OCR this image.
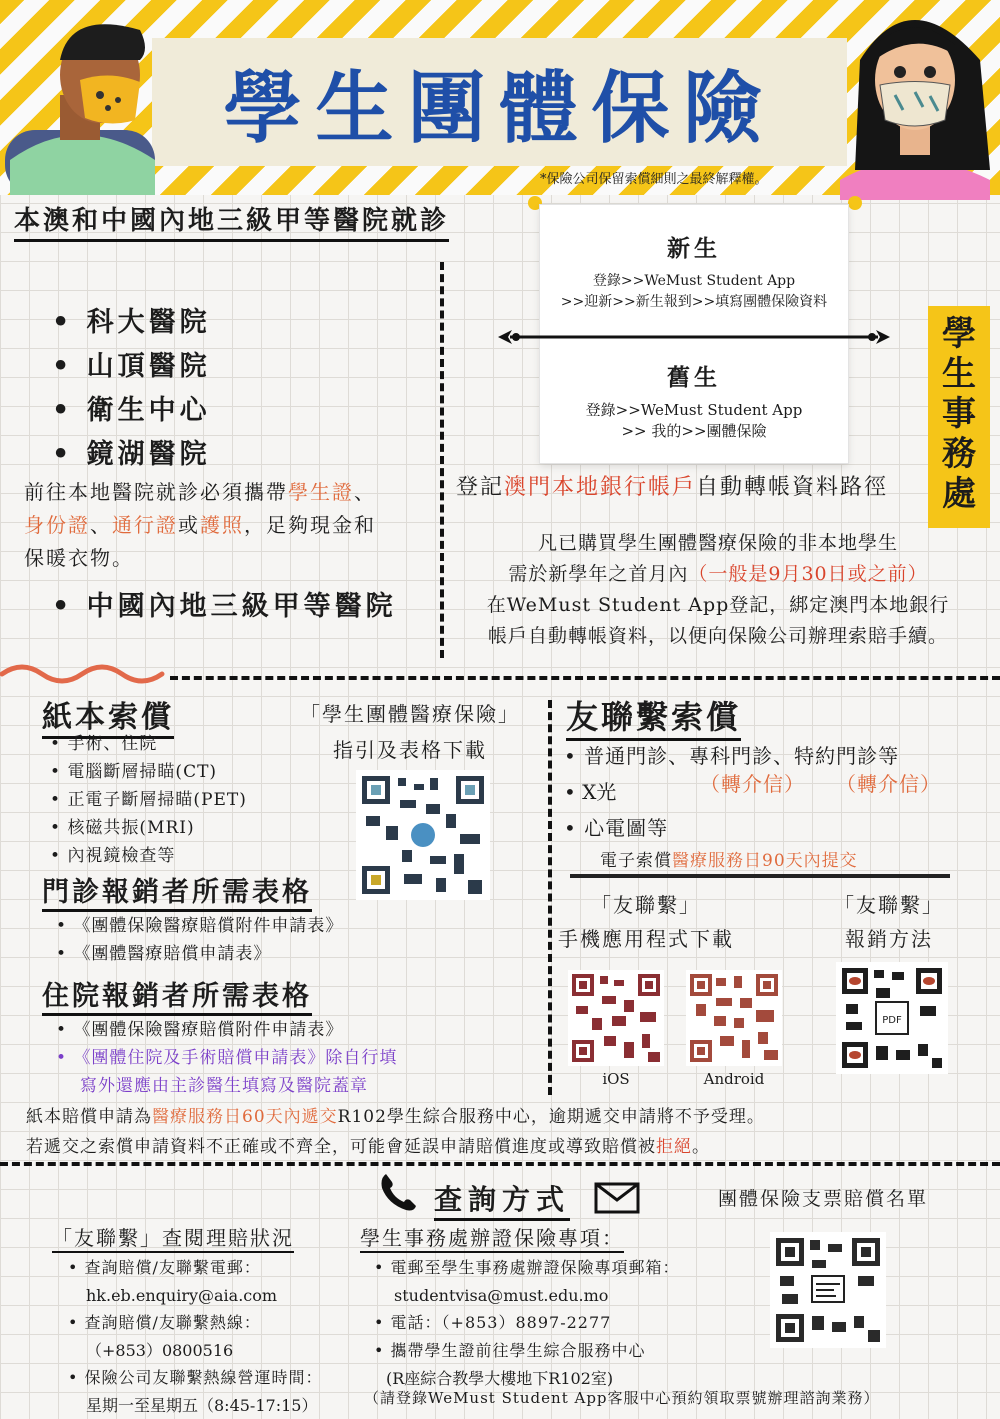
學生團體保險
*保險公司保留索償細則之最終解釋權。
本澳和中國內地三級甲等醫院就診
• 科大醫院
• 山頂醫院
• 衛生中心
• 鏡湖醫院
前往本地醫院就診必須攜帶學生證、
身份證、通行證或護照，足夠現金和
保暖衣物。
• 中國內地三級甲等醫院
新生
登錄>>WeMust Student App
>>迎新>>新生報到>>填寫團體保險資料
舊生
登錄>>WeMust Student App
>> 我的>>團體保險
學生事務處
登記澳門本地銀行帳戶自動轉帳資料路徑
凡已購買學生團體醫療保險的非本地學生
需於新學年之首月內（一般是9月30日或之前）
在WeMust Student App登記，綁定澳門本地銀行
帳戶自動轉帳資料，以便向保險公司辦理索賠手續。
紙本索償
• 手術、住院
• 電腦斷層掃瞄(CT)
• 正電子斷層掃瞄(PET)
• 核磁共振(MRI)
• 內視鏡檢查等
「學生團體醫療保險」
指引及表格下載
門診報銷者所需表格
• 《團體保險醫療賠償附件申請表》
• 《團體醫療賠償申請表》
住院報銷者所需表格
• 《團體保險醫療賠償附件申請表》
• 《團體住院及手術賠償申請表》除自行填
寫外還應由主診醫生填寫及醫院蓋章
紙本賠償申請為醫療服務日60天內遞交R102學生綜合服務中心，逾期遞交申請將不予受理。
若遞交之索償申請資料不正確或不齊全，可能會延誤申請賠償進度或導致賠償被拒絕。
友聯繫索償
• 普通門診、專科門診、特約門診等
（轉介信） （轉介信）
• X光
• 心電圖等
電子索償醫療服務日90天內提交
「友聯繫」
手機應用程式下載
「友聯繫」
報銷方法
iOS	Android
PDF
查詢方式	團體保險支票賠償名單
「友聯繫」查閱理賠狀況
• 查詢賠償/友聯繫電郵：
hk.eb.enquiry@aia.com
• 查詢賠償/友聯繫熱線：
（+853）0800516
• 保險公司友聯繫熱線營運時間：
星期一至星期五（8:45-17:15）
學生事務處辦證保險專項：
• 電郵至學生事務處辦證保險專項郵箱：
studentvisa@must.edu.mo
• 電話：（+853）8897-2277
• 攜帶學生證前往學生綜合服務中心
(R座綜合教學大樓地下R102室)
（請登錄WeMust Student App客服中心預約領取票號辦理諮詢業務）
